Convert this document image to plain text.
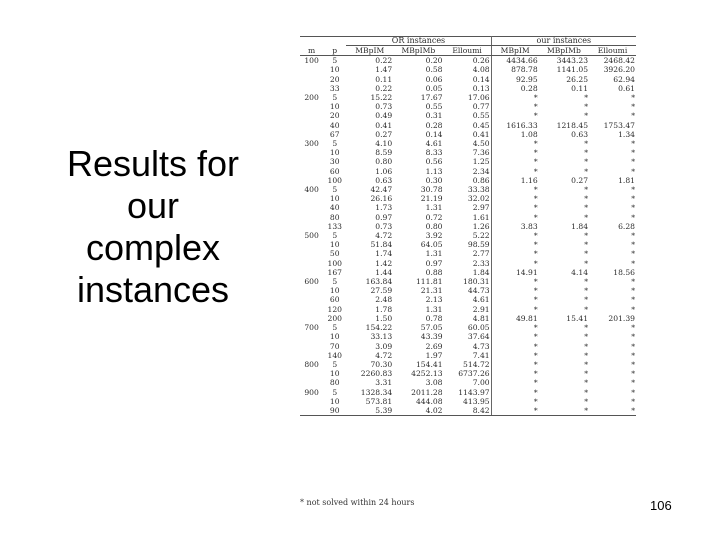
Results for
our
complex
instances
		OR instances			our instances		
m	p	MBpIM	MBpIMb	Elloumi	MBpIM	MBpIMb	Elloumi
100	5	0.22	0.20	0.26	4434.66	3443.23	2468.42
	10	1.47	0.58	4.08	878.78	1141.05	3926.20
	20	0.11	0.06	0.14	92.95	26.25	62.94
	33	0.22	0.05	0.13	0.28	0.11	0.61
200	5	15.22	17.67	17.06	*	*	*
	10	0.73	0.55	0.77	*	*	*
	20	0.49	0.31	0.55	*	*	*
	40	0.41	0.28	0.45	1616.33	1218.45	1753.47
	67	0.27	0.14	0.41	1.08	0.63	1.34
300	5	4.10	4.61	4.50	*	*	*
	10	8.59	8.33	7.36	*	*	*
	30	0.80	0.56	1.25	*	*	*
	60	1.06	1.13	2.34	*	*	*
	100	0.63	0.30	0.86	1.16	0.27	1.81
400	5	42.47	30.78	33.38	*	*	*
	10	26.16	21.19	32.02	*	*	*
	40	1.73	1.31	2.97	*	*	*
	80	0.97	0.72	1.61	*	*	*
	133	0.73	0.80	1.26	3.83	1.84	6.28
500	5	4.72	3.92	5.22	*	*	*
	10	51.84	64.05	98.59	*	*	*
	50	1.74	1.31	2.77	*	*	*
	100	1.42	0.97	2.33	*	*	*
	167	1.44	0.88	1.84	14.91	4.14	18.56
600	5	163.84	111.81	180.31	*	*	*
	10	27.59	21.31	44.73	*	*	*
	60	2.48	2.13	4.61	*	*	*
	120	1.78	1.31	2.91	*	*	*
	200	1.50	0.78	4.81	49.81	15.41	201.39
700	5	154.22	57.05	60.05	*	*	*
	10	33.13	43.39	37.64	*	*	*
	70	3.09	2.69	4.73	*	*	*
	140	4.72	1.97	7.41	*	*	*
800	5	70.30	154.41	514.72	*	*	*
	10	2260.83	4252.13	6737.26	*	*	*
	80	3.31	3.08	7.00	*	*	*
900	5	1328.34	2011.28	1143.97	*	*	*
	10	573.81	444.08	413.95	*	*	*
	90	5.39	4.02	8.42	*	*	*
* not solved within 24 hours	106
